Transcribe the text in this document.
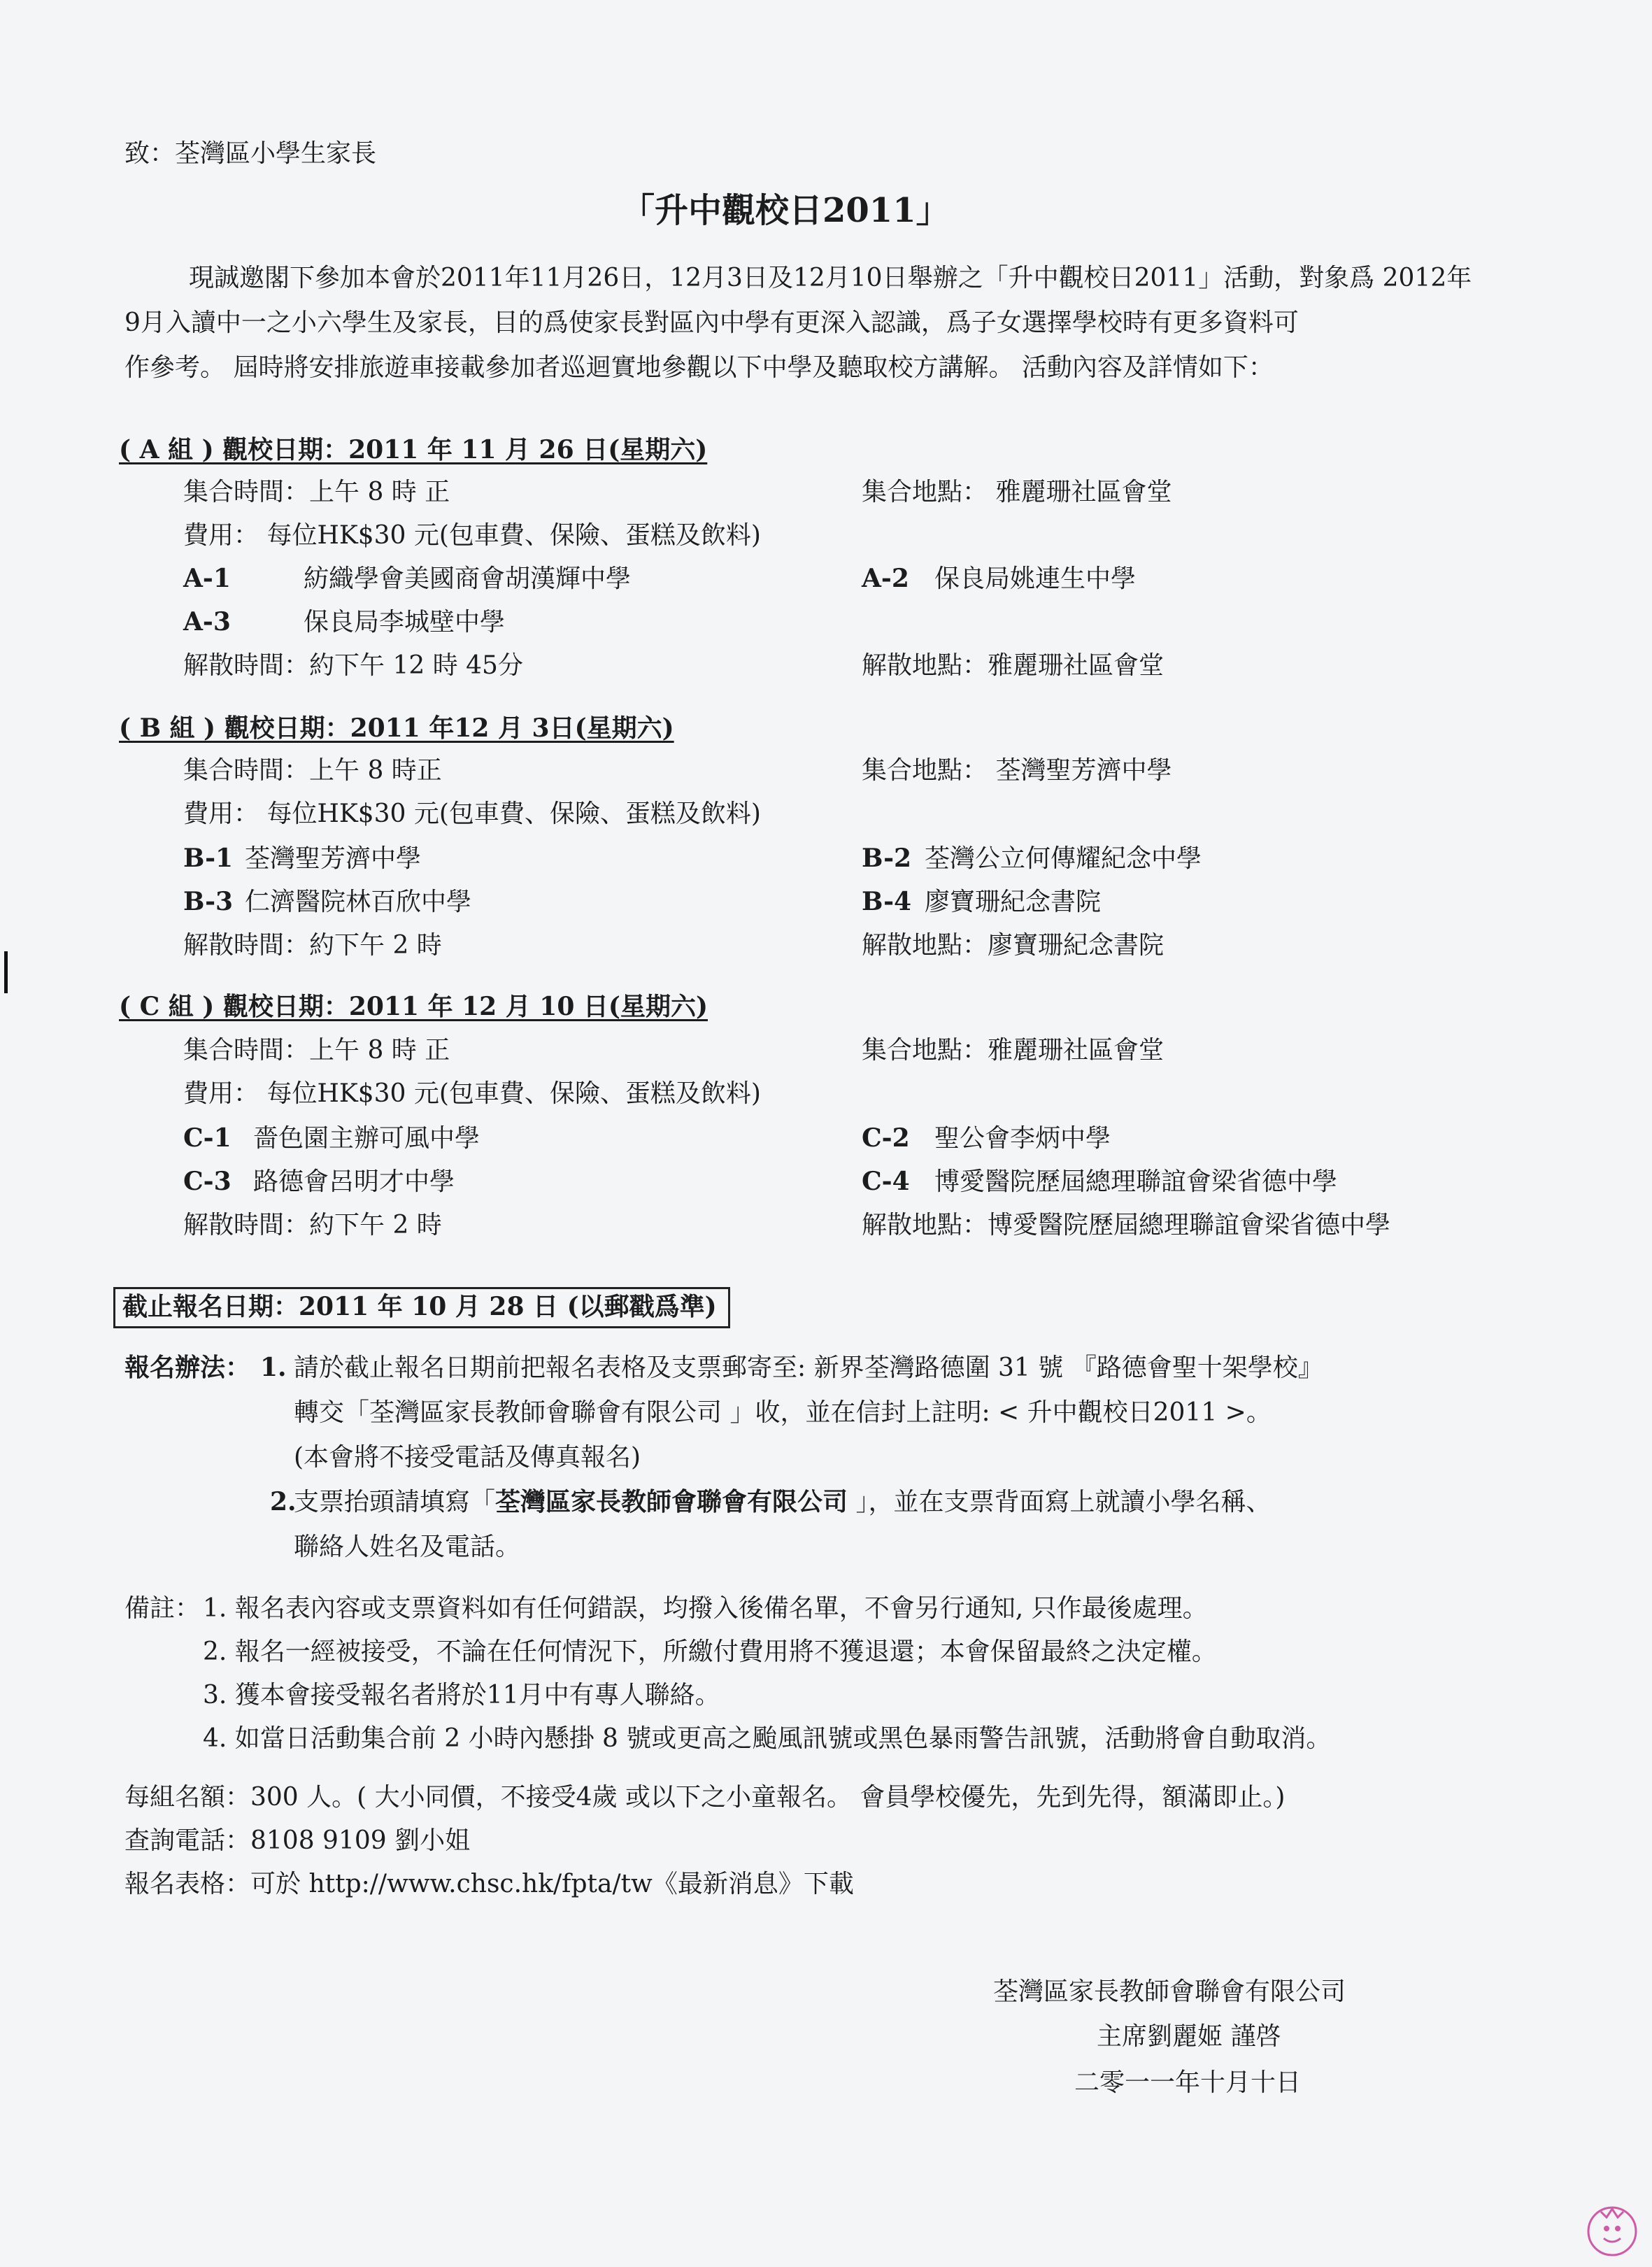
致：荃灣區小學生家長
「升中觀校日2011」
現誠邀閣下參加本會於2011年11月26日，12月3日及12月10日舉辦之「升中觀校日2011」活動，對象爲 2012年
9月入讀中一之小六學生及家長，目的爲使家長對區內中學有更深入認識，爲子女選擇學校時有更多資料可
作參考。 屆時將安排旅遊車接載參加者巡迴實地參觀以下中學及聽取校方講解。 活動內容及詳情如下：
( A 組 ) 觀校日期：2011 年 11 月 26 日(星期六)
集合時間：上午 8 時 正	集合地點： 雅麗珊社區會堂
費用： 每位HK$30 元(包車費、保險、蛋糕及飲料)
A-1	紡織學會美國商會胡漢輝中學	A-2 保良局姚連生中學
A-3	保良局李城壁中學
解散時間：約下午 12 時 45分	解散地點：雅麗珊社區會堂
( B 組 ) 觀校日期：2011 年12 月 3日(星期六)
集合時間：上午 8 時正	集合地點： 荃灣聖芳濟中學
費用： 每位HK$30 元(包車費、保險、蛋糕及飲料)
B-1 荃灣聖芳濟中學	B-2 荃灣公立何傳耀紀念中學
B-3 仁濟醫院林百欣中學	B-4 廖寶珊紀念書院
解散時間：約下午 2 時	解散地點：廖寶珊紀念書院
( C 組 ) 觀校日期：2011 年 12 月 10 日(星期六)
集合時間：上午 8 時 正	集合地點：雅麗珊社區會堂
費用： 每位HK$30 元(包車費、保險、蛋糕及飲料)
C-1 嗇色園主辦可風中學	C-2 聖公會李炳中學
C-3 路德會呂明才中學	C-4 博愛醫院歷屆總理聯誼會梁省德中學
解散時間：約下午 2 時	解散地點：博愛醫院歷屆總理聯誼會梁省德中學
截止報名日期：2011 年 10 月 28 日 (以郵戳爲準)
報名辦法： 1. 請於截止報名日期前把報名表格及支票郵寄至: 新界荃灣路德圍 31 號 『路德會聖十架學校』
轉交「荃灣區家長教師會聯會有限公司 」收，並在信封上註明: < 升中觀校日2011 >。
(本會將不接受電話及傳真報名)
2.
支票抬頭請填寫「荃灣區家長教師會聯會有限公司 」，並在支票背面寫上就讀小學名稱、
聯絡人姓名及電話。
備註： 1. 報名表內容或支票資料如有任何錯誤，均撥入後備名單，不會另行通知, 只作最後處理。
2. 報名一經被接受，不論在任何情況下，所繳付費用將不獲退還；本會保留最終之決定權。
3. 獲本會接受報名者將於11月中有專人聯絡。
4. 如當日活動集合前 2 小時內懸掛 8 號或更高之颱風訊號或黑色暴雨警告訊號，活動將會自動取消。
每組名額：300 人。( 大小同價，不接受4歲 或以下之小童報名。 會員學校優先，先到先得，額滿即止。)
查詢電話：8108 9109 劉小姐
報名表格：可於 http://www.chsc.hk/fpta/tw《最新消息》下載
荃灣區家長教師會聯會有限公司
主席劉麗姬 謹啓
二零一一年十月十日
